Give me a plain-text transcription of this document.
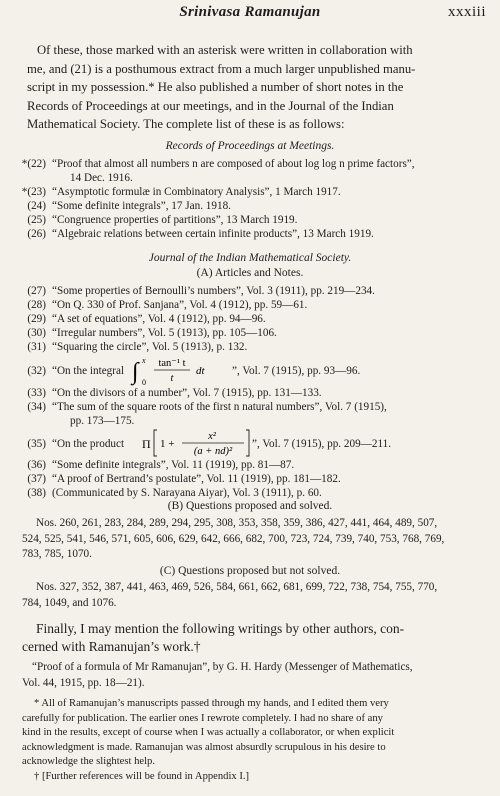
Srinivasa Ramanujan	xxxiii
Of these, those marked with an asterisk were written in collaboration with
me, and (21) is a posthumous extract from a much larger unpublished manu-
script in my possession.* He also published a number of short notes in the
Records of Proceedings at our meetings, and in the Journal of the Indian
Mathematical Society. The complete list of these is as follows:
Records of Proceedings at Meetings.
*(22) “Proof that almost all numbers n are composed of about log log n prime factors”,
14 Dec. 1916.
*(23) “Asymptotic formulæ in Combinatory Analysis”, 1 March 1917.
(24) “Some definite integrals”, 17 Jan. 1918.
(25) “Congruence properties of partitions”, 13 March 1919.
(26) “Algebraic relations between certain infinite products”, 13 March 1919.
Journal of the Indian Mathematical Society.
(A) Articles and Notes.
(27) “Some properties of Bernoulli’s numbers”, Vol. 3 (1911), pp. 219—234.
(28) “On Q. 330 of Prof. Sanjana”, Vol. 4 (1912), pp. 59—61.
(29) “A set of equations”, Vol. 4 (1912), pp. 94—96.
(30) “Irregular numbers”, Vol. 5 (1913), pp. 105—106.
(31) “Squaring the circle”, Vol. 5 (1913), p. 132.
(32) “On the integral ∫ x
0
tan⁻¹ t
t
dt ”, Vol. 7 (1915), pp. 93—96.
(33) “On the divisors of a number”, Vol. 7 (1915), pp. 131—133.
(34) “The sum of the square roots of the first n natural numbers”, Vol. 7 (1915),
pp. 173—175.
(35) “On the product Π 1 +
x²
(a + nd)²
”, Vol. 7 (1915), pp. 209—211.
(36) “Some definite integrals”, Vol. 11 (1919), pp. 81—87.
(37) “A proof of Bertrand’s postulate”, Vol. 11 (1919), pp. 181—182.
(38) (Communicated by S. Narayana Aiyar), Vol. 3 (1911), p. 60.
(B) Questions proposed and solved.
Nos. 260, 261, 283, 284, 289, 294, 295, 308, 353, 358, 359, 386, 427, 441, 464, 489, 507,
524, 525, 541, 546, 571, 605, 606, 629, 642, 666, 682, 700, 723, 724, 739, 740, 753, 768, 769,
783, 785, 1070.
(C) Questions proposed but not solved.
Nos. 327, 352, 387, 441, 463, 469, 526, 584, 661, 662, 681, 699, 722, 738, 754, 755, 770,
784, 1049, and 1076.
Finally, I may mention the following writings by other authors, con-
cerned with Ramanujan’s work.†
“Proof of a formula of Mr Ramanujan”, by G. H. Hardy (Messenger of Mathematics,
Vol. 44, 1915, pp. 18—21).
* All of Ramanujan’s manuscripts passed through my hands, and I edited them very
carefully for publication. The earlier ones I rewrote completely. I had no share of any
kind in the results, except of course when I was actually a collaborator, or when explicit
acknowledgment is made. Ramanujan was almost absurdly scrupulous in his desire to
acknowledge the slightest help.
† [Further references will be found in Appendix I.]
